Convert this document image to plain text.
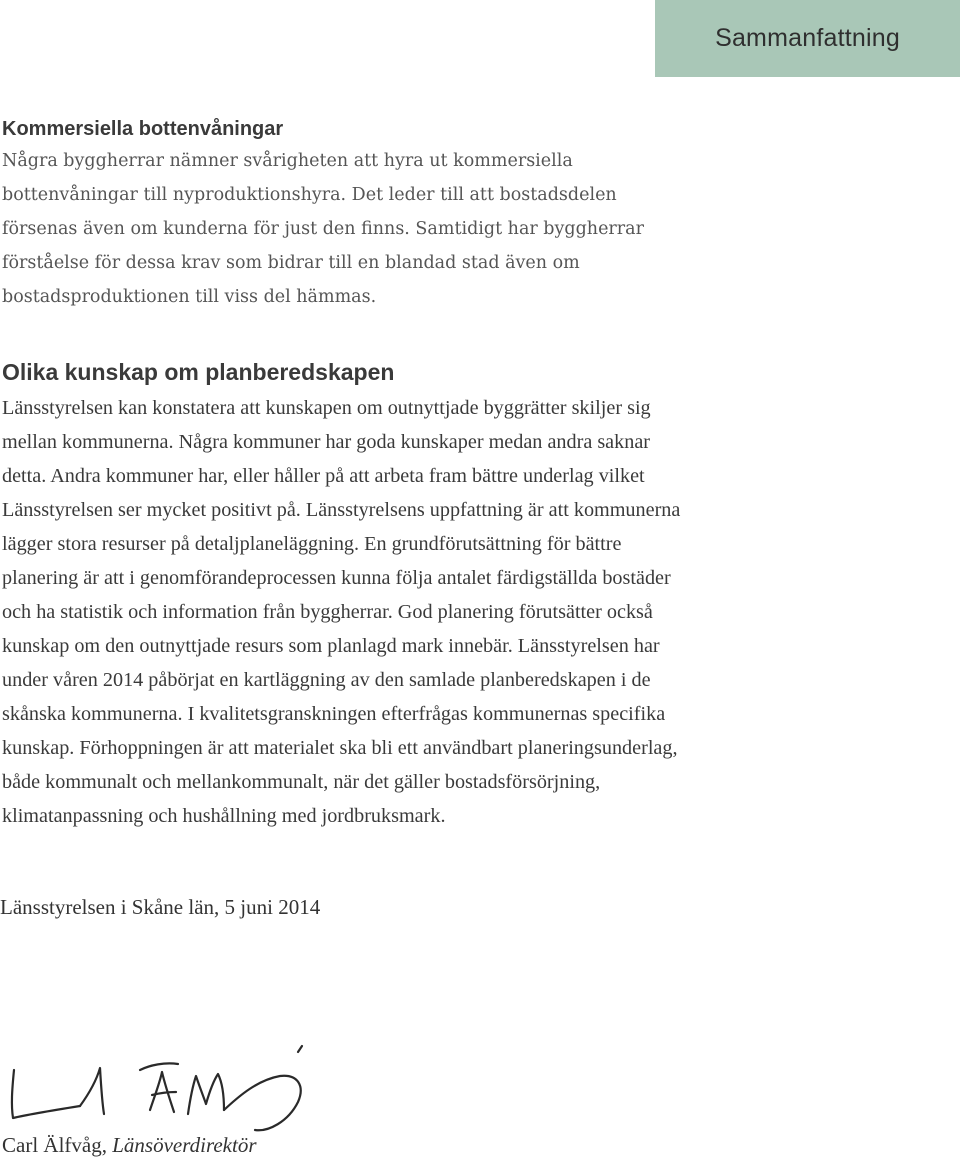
Sammanfattning
Kommersiella bottenvåningar

Några byggherrar nämner svårigheten att hyra ut kommersiella bottenvåningar till nyproduktionshyra. Det leder till att bostadsdelen försenas även om kunderna för just den finns. Samtidigt har byggherrar förståelse för dessa krav som bidrar till en blandad stad även om bostadsproduktionen till viss del hämmas.

Olika kunskap om planberedskapen

Länsstyrelsen kan konstatera att kunskapen om outnyttjade byggrätter skiljer sig mellan kommunerna. Några kommuner har goda kunskaper medan andra saknar detta. Andra kommuner har, eller håller på att arbeta fram bättre underlag vilket Länsstyrelsen ser mycket positivt på. Länsstyrelsens uppfattning är att kommunerna lägger stora resurser på detaljplaneläggning. En grundförutsättning för bättre planering är att i genomförandeprocessen kunna följa antalet färdigställda bostäder och ha statistik och information från byggherrar. God planering förutsätter också kunskap om den outnyttjade resurs som planlagd mark innebär. Länsstyrelsen har under våren 2014 påbörjat en kartläggning av den samlade planberedskapen i de skånska kommunerna. I kvalitetsgranskningen efterfrågas kommunernas specifika kunskap. Förhoppningen är att materialet ska bli ett användbart planeringsunderlag, både kommunalt och mellankommunalt, när det gäller bostadsförsörjning, klimatanpassning och hushållning med jordbruksmark.

Länsstyrelsen i Skåne län, 5 juni 2014
Carl Älfvåg, Länsöverdirektör
